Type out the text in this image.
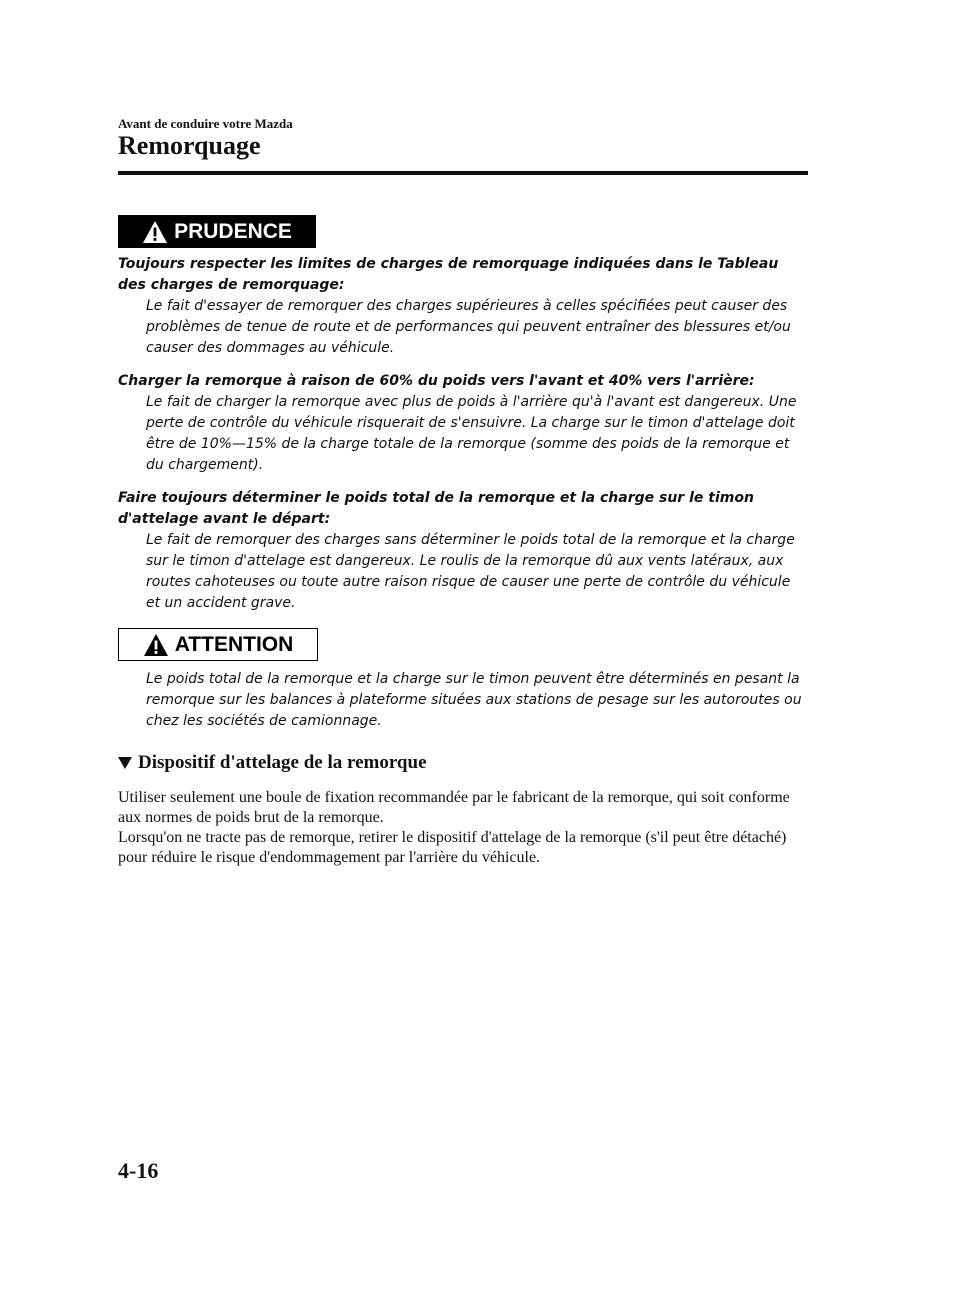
Avant de conduire votre Mazda
Remorquage
PRUDENCE

Toujours respecter les limites de charges de remorquage indiquées dans le Tableau des charges de remorquage:

Le fait d'essayer de remorquer des charges supérieures à celles spécifiées peut causer des problèmes de tenue de route et de performances qui peuvent entraîner des blessures et/ou causer des dommages au véhicule.

Charger la remorque à raison de 60% du poids vers l'avant et 40% vers l'arrière:

Le fait de charger la remorque avec plus de poids à l'arrière qu'à l'avant est dangereux. Une perte de contrôle du véhicule risquerait de s'ensuivre. La charge sur le timon d'attelage doit être de 10%—15% de la charge totale de la remorque (somme des poids de la remorque et du chargement).

Faire toujours déterminer le poids total de la remorque et la charge sur le timon d'attelage avant le départ:

Le fait de remorquer des charges sans déterminer le poids total de la remorque et la charge sur le timon d'attelage est dangereux. Le roulis de la remorque dû aux vents latéraux, aux routes cahoteuses ou toute autre raison risque de causer une perte de contrôle du véhicule et un accident grave.

ATTENTION

Le poids total de la remorque et la charge sur le timon peuvent être déterminés en pesant la remorque sur les balances à plateforme situées aux stations de pesage sur les autoroutes ou chez les sociétés de camionnage.

Dispositif d'attelage de la remorque

Utiliser seulement une boule de fixation recommandée par le fabricant de la remorque, qui soit conforme aux normes de poids brut de la remorque.

Lorsqu'on ne tracte pas de remorque, retirer le dispositif d'attelage de la remorque (s'il peut être détaché) pour réduire le risque d'endommagement par l'arrière du véhicule.

4-16
